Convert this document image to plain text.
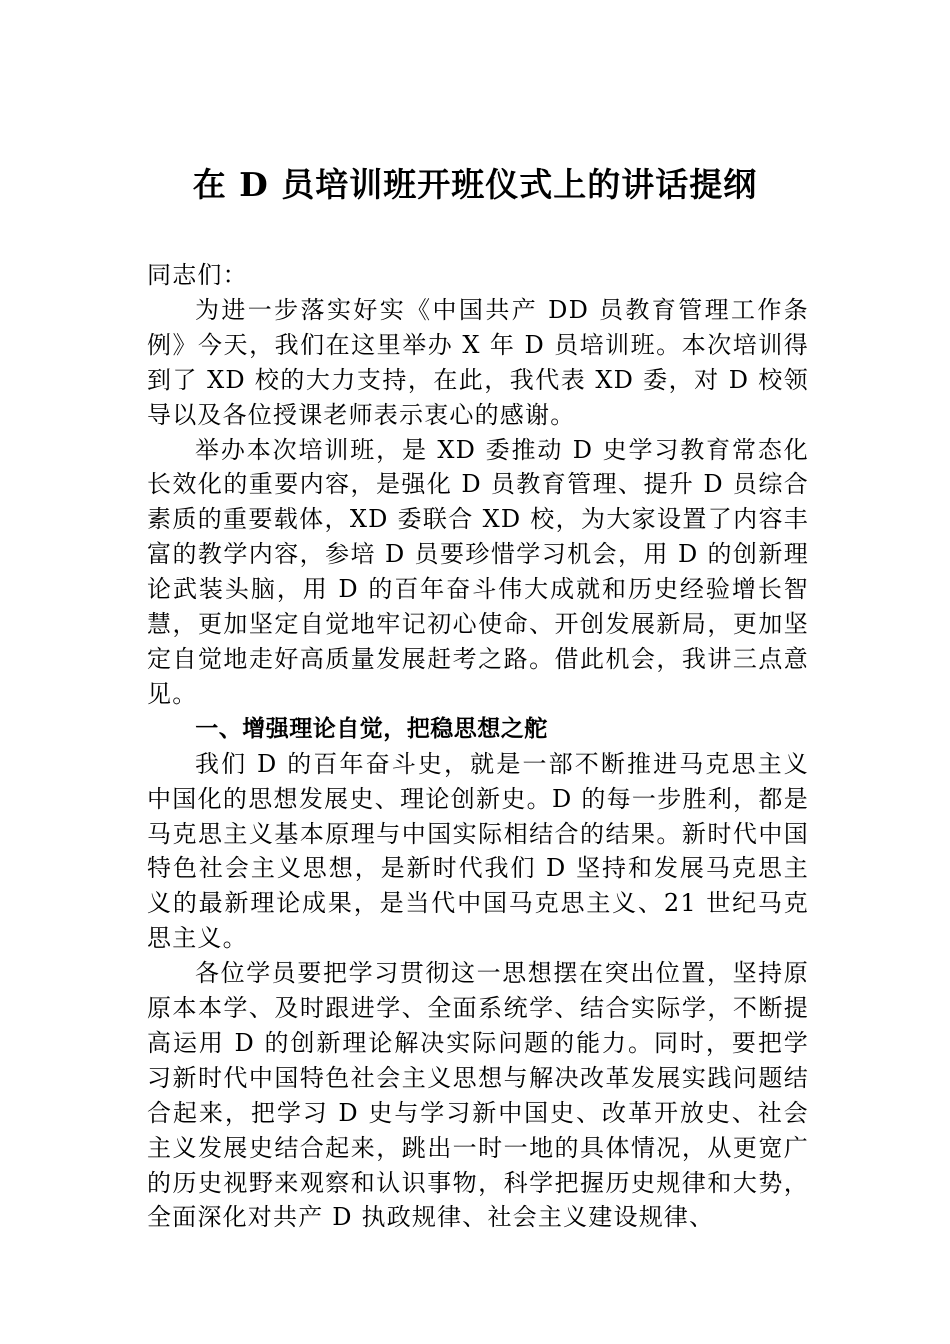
在 D 员培训班开班仪式上的讲话提纲

同志们：

为进一步落实好实《中国共产 DD 员教育管理工作条例》今天，我们在这里举办 X 年 D 员培训班。本次培训得到了 XD 校的大力支持，在此，我代表 XD 委，对 D 校领导以及各位授课老师表示衷心的感谢。

举办本次培训班，是 XD 委推动 D 史学习教育常态化长效化的重要内容，是强化 D 员教育管理、提升 D 员综合素质的重要载体，XD 委联合 XD 校，为大家设置了内容丰富的教学内容，参培 D 员要珍惜学习机会，用 D 的创新理论武装头脑，用 D 的百年奋斗伟大成就和历史经验增长智慧，更加坚定自觉地牢记初心使命、开创发展新局，更加坚定自觉地走好高质量发展赶考之路。借此机会，我讲三点意见。

一、增强理论自觉，把稳思想之舵

我们 D 的百年奋斗史，就是一部不断推进马克思主义中国化的思想发展史、理论创新史。D 的每一步胜利，都是马克思主义基本原理与中国实际相结合的结果。新时代中国特色社会主义思想，是新时代我们 D 坚持和发展马克思主义的最新理论成果，是当代中国马克思主义、21 世纪马克思主义。

各位学员要把学习贯彻这一思想摆在突出位置，坚持原原本本学、及时跟进学、全面系统学、结合实际学，不断提高运用 D 的创新理论解决实际问题的能力。同时，要把学习新时代中国特色社会主义思想与解决改革发展实践问题结合起来，把学习 D 史与学习新中国史、改革开放史、社会主义发展史结合起来，跳出一时一地的具体情况，从更宽广的历史视野来观察和认识事物，科学把握历史规律和大势，全面深化对共产 D 执政规律、社会主义建设规律、
